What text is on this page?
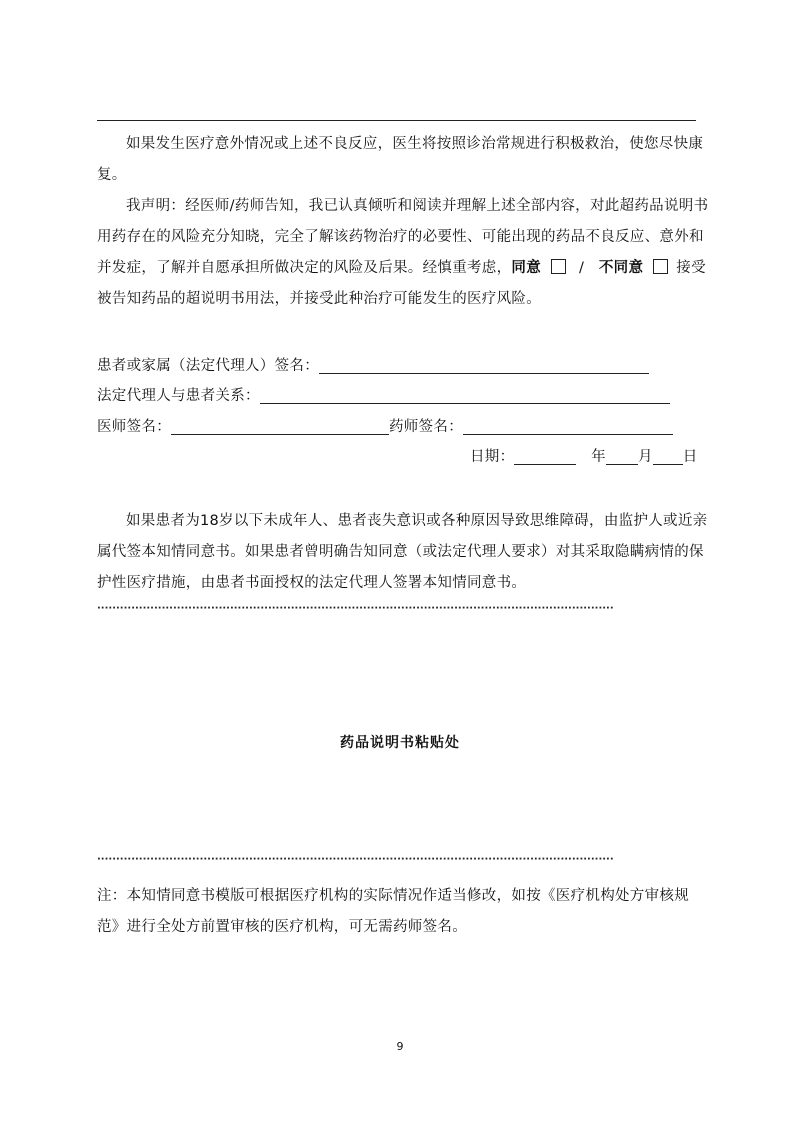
如果发生医疗意外情况或上述不良反应，医生将按照诊治常规进行积极救治，使您尽快康复。

我声明：经医师/药师告知，我已认真倾听和阅读并理解上述全部内容，对此超药品说明书用药存在的风险充分知晓，完全了解该药物治疗的必要性、可能出现的药品不良反应、意外和并发症，了解并自愿承担所做决定的风险及后果。经慎重考虑，同意	/ 不同意 接受被告知药品的超说明书用法，并接受此种治疗可能发生的医疗风险。

患者或家属（法定代理人）签名：
法定代理人与患者关系：
医师签名：	药师签名：
日期：	年 月 日

如果患者为18岁以下未成年人、患者丧失意识或各种原因导致思维障碍，由监护人或近亲属代签本知情同意书。如果患者曾明确告知同意（或法定代理人要求）对其采取隐瞒病情的保护性医疗措施，由患者书面授权的法定代理人签署本知情同意书。

········································································································································
药品说明书粘贴处
········································································································································

注：本知情同意书模版可根据医疗机构的实际情况作适当修改，如按《医疗机构处方审核规范》进行全处方前置审核的医疗机构，可无需药师签名。

9
